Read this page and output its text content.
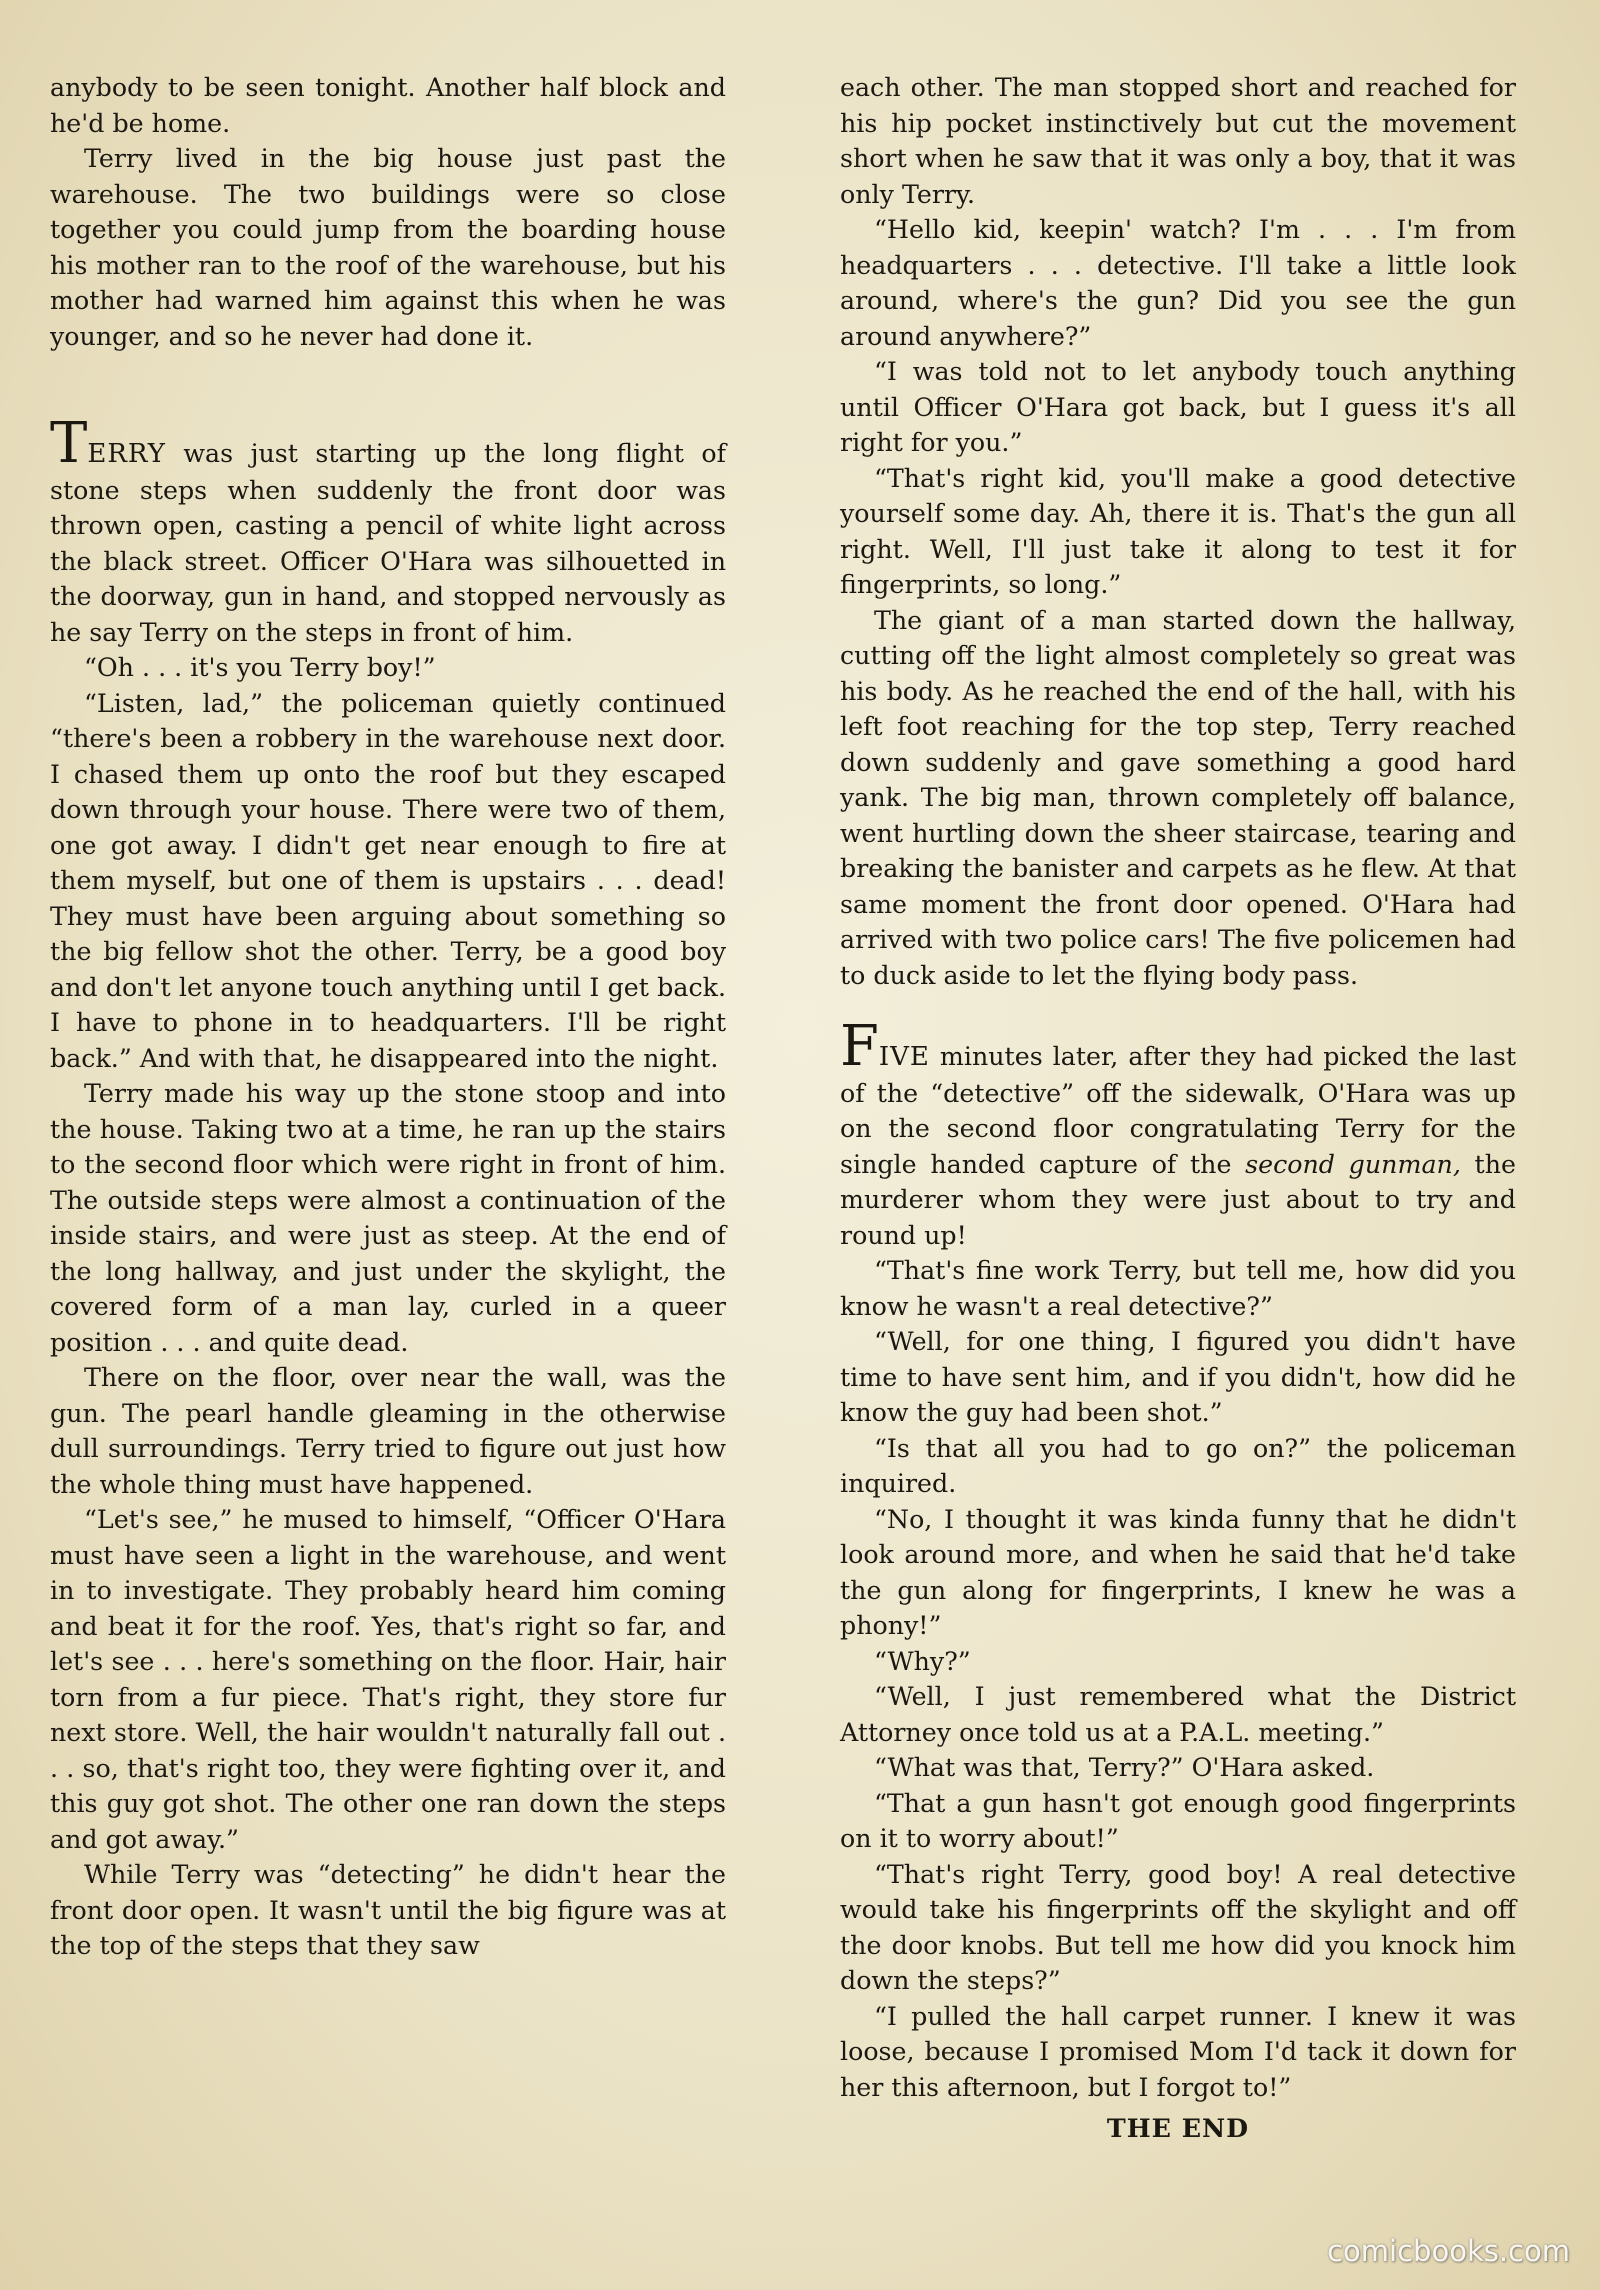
anybody to be seen tonight. Another half block and he'd be home.

Terry lived in the big house just past the warehouse. The two buildings were so close together you could jump from the boarding house his mother ran to the roof of the warehouse, but his mother had warned him against this when he was younger, and so he never had done it.

TERRY was just starting up the long flight of stone steps when suddenly the front door was thrown open, casting a pencil of white light across the black street. Officer O'Hara was silhouetted in the doorway, gun in hand, and stopped nervously as he say Terry on the steps in front of him.

“Oh . . . it's you Terry boy!”

“Listen, lad,” the policeman quietly continued “there's been a robbery in the warehouse next door. I chased them up onto the roof but they escaped down through your house. There were two of them, one got away. I didn't get near enough to fire at them myself, but one of them is upstairs . . . dead! They must have been arguing about something so the big fellow shot the other. Terry, be a good boy and don't let anyone touch anything until I get back. I have to phone in to headquarters. I'll be right back.” And with that, he disappeared into the night.

Terry made his way up the stone stoop and into the house. Taking two at a time, he ran up the stairs to the second floor which were right in front of him. The outside steps were almost a continuation of the inside stairs, and were just as steep. At the end of the long hallway, and just under the skylight, the covered form of a man lay, curled in a queer position . . . and quite dead.

There on the floor, over near the wall, was the gun. The pearl handle gleaming in the otherwise dull surroundings. Terry tried to figure out just how the whole thing must have happened.

“Let's see,” he mused to himself, “Officer O'Hara must have seen a light in the warehouse, and went in to investigate. They probably heard him coming and beat it for the roof. Yes, that's right so far, and let's see . . . here's something on the floor. Hair, hair torn from a fur piece. That's right, they store fur next store. Well, the hair wouldn't naturally fall out . . . so, that's right too, they were fighting over it, and this guy got shot. The other one ran down the steps and got away.”

While Terry was “detecting” he didn't hear the front door open. It wasn't until the big figure was at the top of the steps that they saw

each other. The man stopped short and reached for his hip pocket instinctively but cut the movement short when he saw that it was only a boy, that it was only Terry.

“Hello kid, keepin' watch? I'm . . . I'm from headquarters . . . detective. I'll take a little look around, where's the gun? Did you see the gun around anywhere?”

“I was told not to let anybody touch anything until Officer O'Hara got back, but I guess it's all right for you.”

“That's right kid, you'll make a good detective yourself some day. Ah, there it is. That's the gun all right. Well, I'll just take it along to test it for fingerprints, so long.”

The giant of a man started down the hallway, cutting off the light almost completely so great was his body. As he reached the end of the hall, with his left foot reaching for the top step, Terry reached down suddenly and gave something a good hard yank. The big man, thrown completely off balance, went hurtling down the sheer staircase, tearing and breaking the banister and carpets as he flew. At that same moment the front door opened. O'Hara had arrived with two police cars! The five policemen had to duck aside to let the flying body pass.

FIVE minutes later, after they had picked the last of the “detective” off the sidewalk, O'Hara was up on the second floor congratulating Terry for the single handed capture of the second gunman, the murderer whom they were just about to try and round up!

“That's fine work Terry, but tell me, how did you know he wasn't a real detective?”

“Well, for one thing, I figured you didn't have time to have sent him, and if you didn't, how did he know the guy had been shot.”

“Is that all you had to go on?” the policeman inquired.

“No, I thought it was kinda funny that he didn't look around more, and when he said that he'd take the gun along for fingerprints, I knew he was a phony!”

“Why?”

“Well, I just remembered what the District Attorney once told us at a P.A.L. meeting.”

“What was that, Terry?” O'Hara asked.

“That a gun hasn't got enough good fingerprints on it to worry about!”

“That's right Terry, good boy! A real detective would take his fingerprints off the skylight and off the door knobs. But tell me how did you knock him down the steps?”

“I pulled the hall carpet runner. I knew it was loose, because I promised Mom I'd tack it down for her this afternoon, but I forgot to!”

THE END

comicbooks.com
